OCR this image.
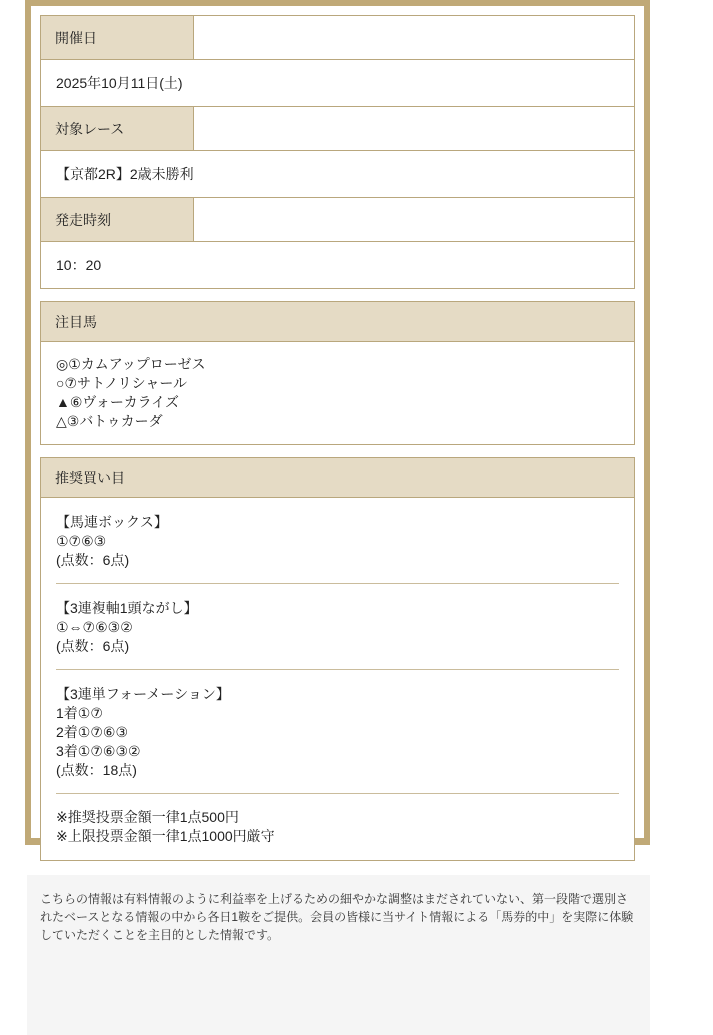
開催日
2025年10月11日(土)
対象レース
【京都2R】2歳未勝利
発走時刻
10：20
注目馬
◎①カムアップローゼス
○⑦サトノリシャール
▲⑥ヴォーカライズ
△③バトゥカーダ
推奨買い目
【馬連ボックス】
①⑦⑥③
(点数：6点)
【3連複軸1頭ながし】
①⇔⑦⑥③②
(点数：6点)
【3連単フォーメーション】
1着①⑦
2着①⑦⑥③
3着①⑦⑥③②
(点数：18点)
※推奨投票金額一律1点500円
※上限投票金額一律1点1000円厳守
こちらの情報は有料情報のように利益率を上げるための細やかな調整はまだされていない、第一段階で選別されたベースとなる情報の中から各日1鞍をご提供。会員の皆様に当サイト情報による「馬券的中」を実際に体験していただくことを主目的とした情報です。
